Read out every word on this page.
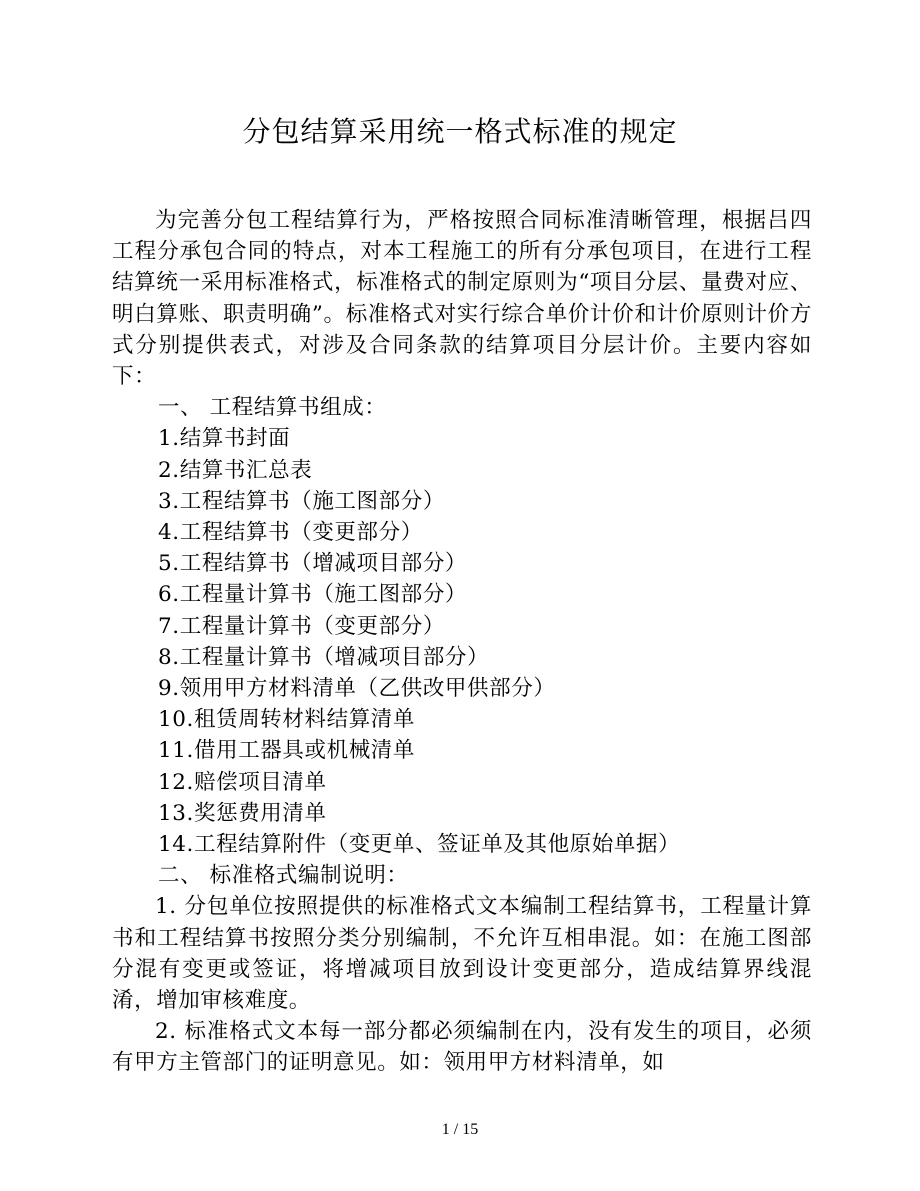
分包结算采用统一格式标准的规定

为完善分包工程结算行为，严格按照合同标准清晰管理，根据吕四工程分承包合同的特点，对本工程施工的所有分承包项目，在进行工程结算统一采用标准格式，标准格式的制定原则为“项目分层、量费对应、明白算账、职责明确”。标准格式对实行综合单价计价和计价原则计价方式分别提供表式，对涉及合同条款的结算项目分层计价。主要内容如下：

一、 工程结算书组成：

1.结算书封面

2.结算书汇总表

3.工程结算书（施工图部分）

4.工程结算书（变更部分）

5.工程结算书（增减项目部分）

6.工程量计算书（施工图部分）

7.工程量计算书（变更部分）

8.工程量计算书（增减项目部分）

9.领用甲方材料清单（乙供改甲供部分）

10.租赁周转材料结算清单

11.借用工器具或机械清单

12.赔偿项目清单

13.奖惩费用清单

14.工程结算附件（变更单、签证单及其他原始单据）

二、 标准格式编制说明：

1. 分包单位按照提供的标准格式文本编制工程结算书，工程量计算书和工程结算书按照分类分别编制，不允许互相串混。如：在施工图部分混有变更或签证，将增减项目放到设计变更部分，造成结算界线混淆，增加审核难度。

2. 标准格式文本每一部分都必须编制在内，没有发生的项目，必须有甲方主管部门的证明意见。如：领用甲方材料清单，如

1 / 15
